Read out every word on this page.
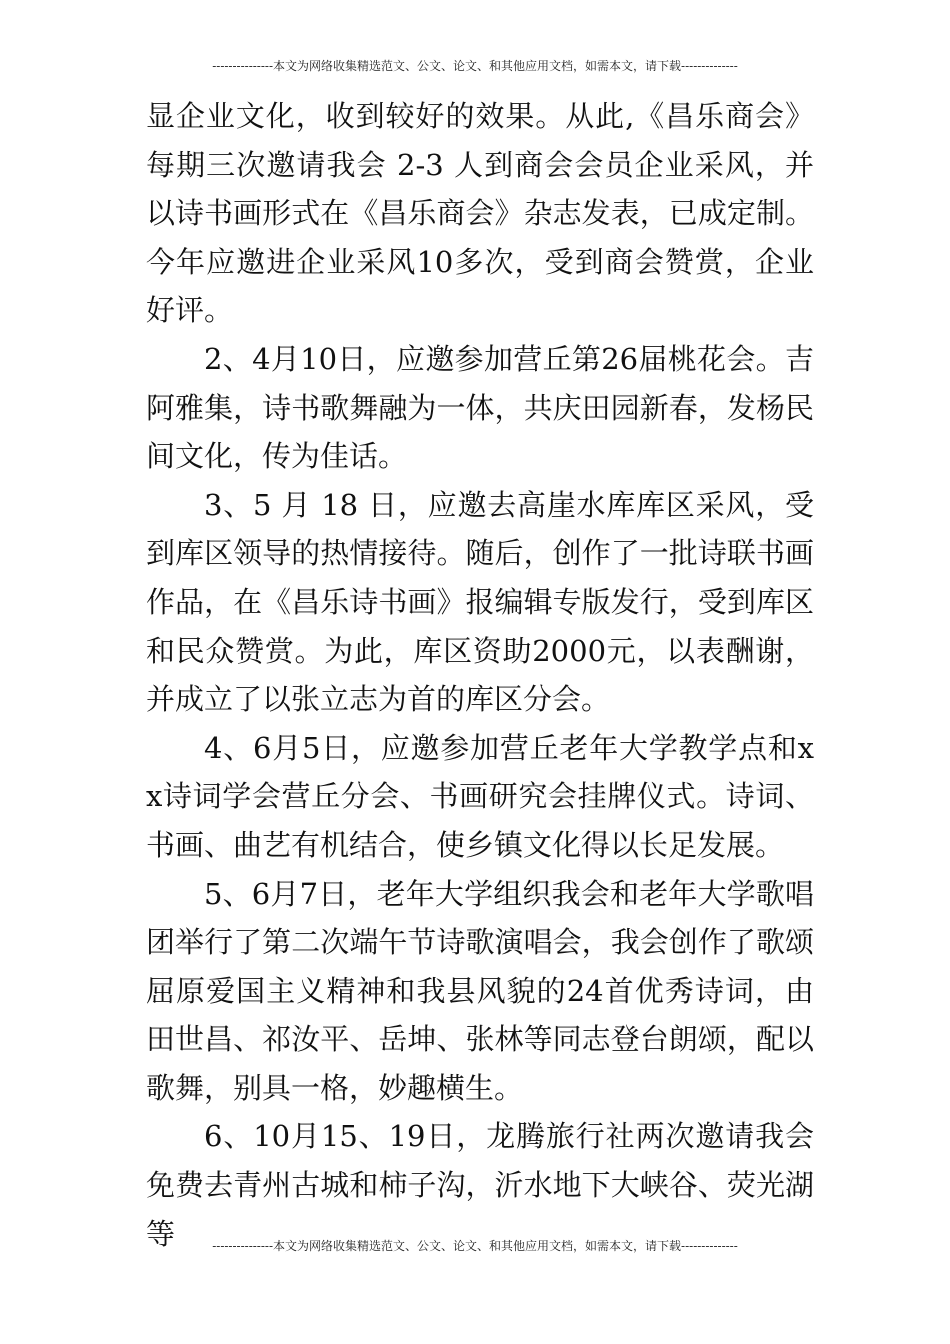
---------------本文为网络收集精选范文、公文、论文、和其他应用文档，如需本文，请下载--------------

显企业文化，收到较好的效果。从此,《昌乐商会》每期三次邀请我会 2-3 人到商会会员企业采风，并以诗书画形式在《昌乐商会》杂志发表，已成定制。今年应邀进企业采风10多次，受到商会赞赏，企业好评。

2、4月10日，应邀参加营丘第26届桃花会。吉阿雅集，诗书歌舞融为一体，共庆田园新春，发杨民间文化，传为佳话。

3、5 月 18 日，应邀去高崖水库库区采风，受到库区领导的热情接待。随后，创作了一批诗联书画作品，在《昌乐诗书画》报编辑专版发行，受到库区和民众赞赏。为此，库区资助2000元，以表酬谢，并成立了以张立志为首的库区分会。

4、6月5日，应邀参加营丘老年大学教学点和xx诗词学会营丘分会、书画研究会挂牌仪式。诗词、书画、曲艺有机结合，使乡镇文化得以长足发展。

5、6月7日，老年大学组织我会和老年大学歌唱团举行了第二次端午节诗歌演唱会，我会创作了歌颂屈原爱国主义精神和我县风貌的24首优秀诗词，由田世昌、祁汝平、岳坤、张林等同志登台朗颂，配以歌舞，别具一格，妙趣横生。

6、10月15、19日，龙腾旅行社两次邀请我会免费去青州古城和柿子沟，沂水地下大峡谷、荧光湖等	---------------本文为网络收集精选范文、公文、论文、和其他应用文档，如需本文，请下载--------------
